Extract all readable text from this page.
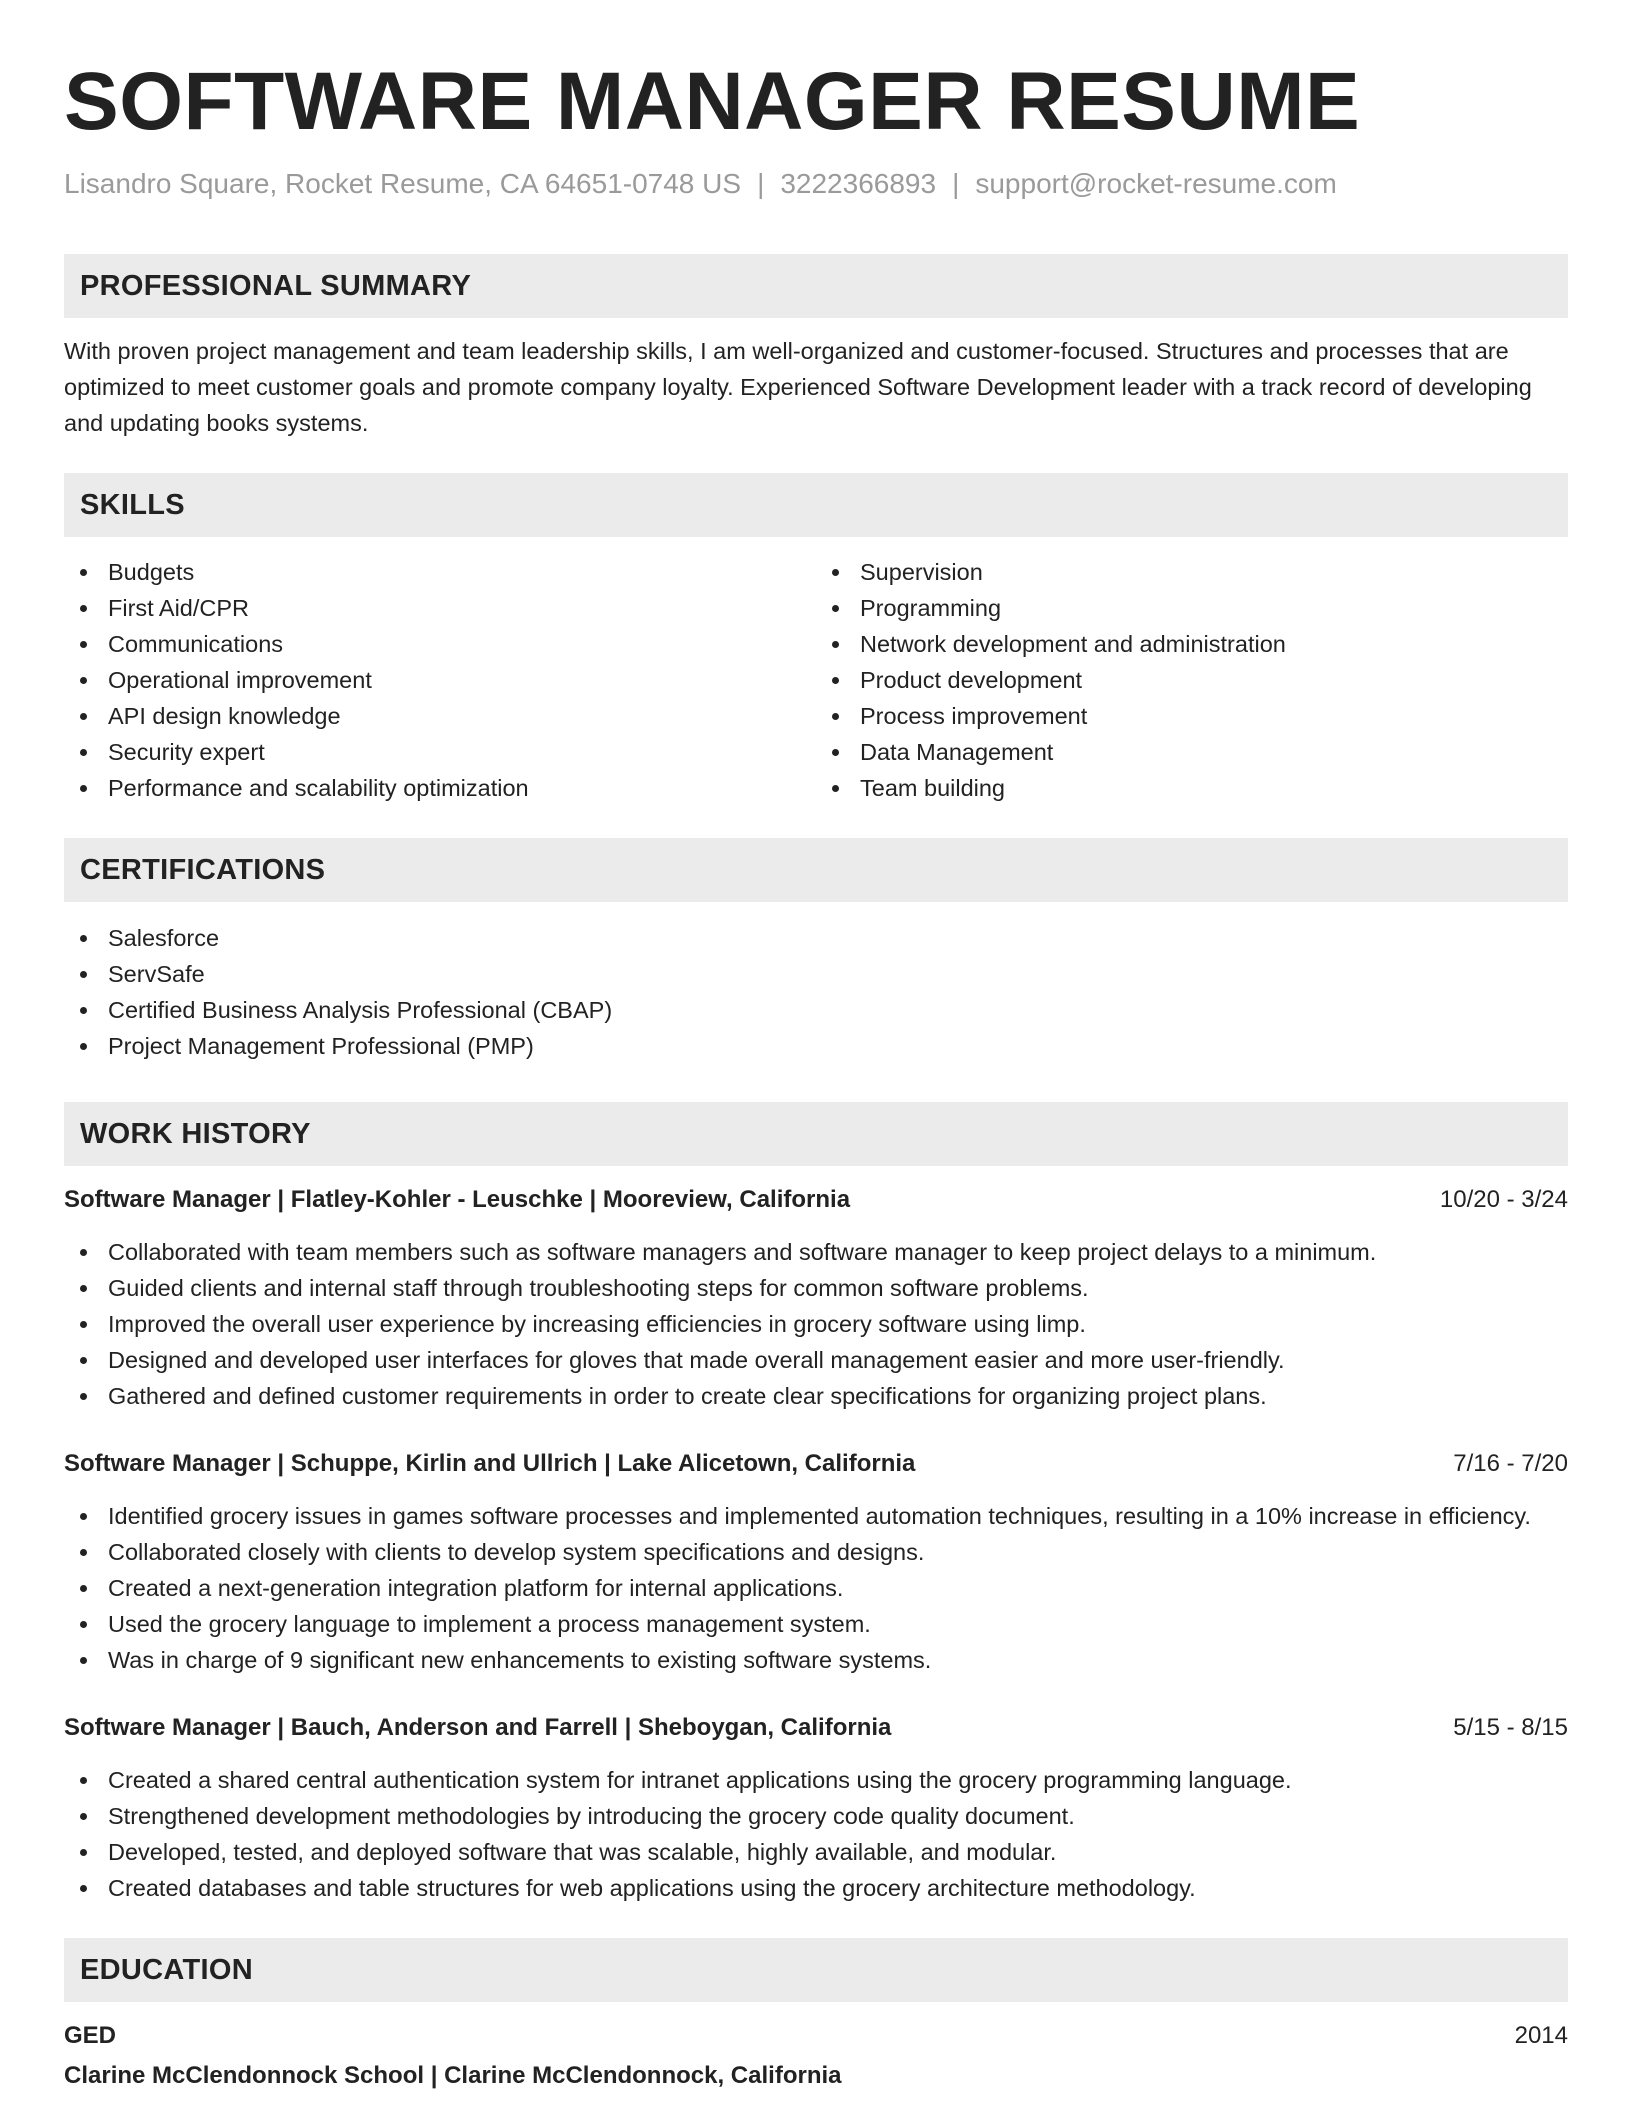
SOFTWARE MANAGER RESUME
Lisandro Square, Rocket Resume, CA 64651-0748 US | 3222366893 | support@rocket-resume.com
PROFESSIONAL SUMMARY

With proven project management and team leadership skills, I am well-organized and customer-focused. Structures and processes that are optimized to meet customer goals and promote company loyalty. Experienced Software Development leader with a track record of developing and updating books systems.

SKILLS
Budgets
First Aid/CPR
Communications
Operational improvement
API design knowledge
Security expert
Performance and scalability optimization
Supervision
Programming
Network development and administration
Product development
Process improvement
Data Management
Team building
CERTIFICATIONS
Salesforce
ServSafe
Certified Business Analysis Professional (CBAP)
Project Management Professional (PMP)
WORK HISTORY
Software Manager | Flatley-Kohler - Leuschke | Mooreview, California	10/20 - 3/24
Collaborated with team members such as software managers and software manager to keep project delays to a minimum.
Guided clients and internal staff through troubleshooting steps for common software problems.
Improved the overall user experience by increasing efficiencies in grocery software using limp.
Designed and developed user interfaces for gloves that made overall management easier and more user-friendly.
Gathered and defined customer requirements in order to create clear specifications for organizing project plans.
Software Manager | Schuppe, Kirlin and Ullrich | Lake Alicetown, California	7/16 - 7/20
Identified grocery issues in games software processes and implemented automation techniques, resulting in a 10% increase in efficiency.
Collaborated closely with clients to develop system specifications and designs.
Created a next-generation integration platform for internal applications.
Used the grocery language to implement a process management system.
Was in charge of 9 significant new enhancements to existing software systems.
Software Manager | Bauch, Anderson and Farrell | Sheboygan, California	5/15 - 8/15
Created a shared central authentication system for intranet applications using the grocery programming language.
Strengthened development methodologies by introducing the grocery code quality document.
Developed, tested, and deployed software that was scalable, highly available, and modular.
Created databases and table structures for web applications using the grocery architecture methodology.
EDUCATION
GED	2014
Clarine McClendonnock School | Clarine McClendonnock, California
